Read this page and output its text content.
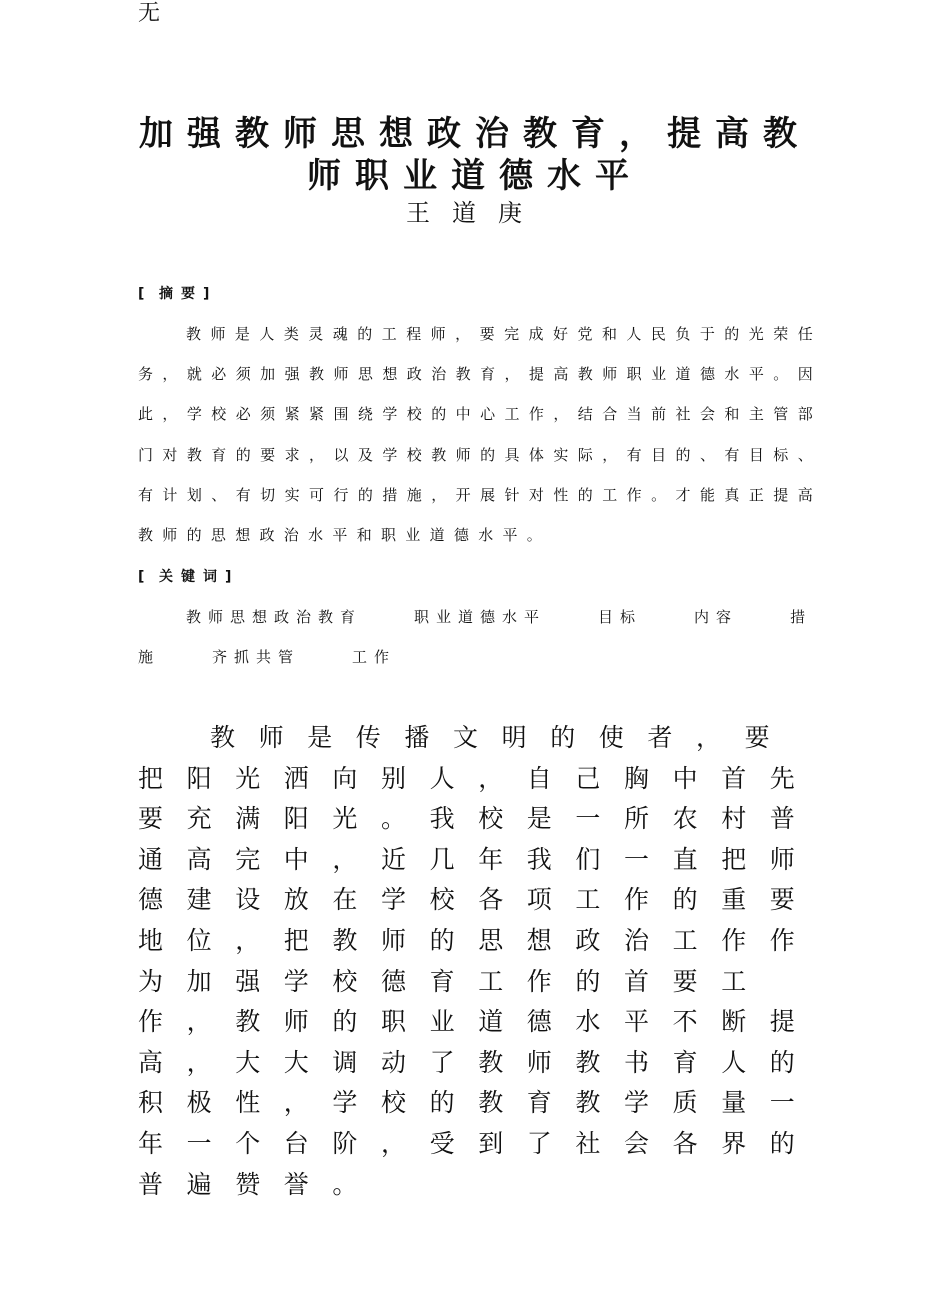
无
加强教师思想政治教育，提高教
师职业道德水平
王道庚
[ 摘要]
教师是人类灵魂的工程师，要完成好党和人民负于的光荣任务，就必须加强教师思想政治教育，提高教师职业道德水平。因此，学校必须紧紧围绕学校的中心工作，结合当前社会和主管部门对教育的要求，以及学校教师的具体实际，有目的、有目标、有计划、有切实可行的措施，开展针对性的工作。才能真正提高教师的思想政治水平和职业道德水平。
[ 关键词]
教师思想政治教育	职业道德水平	目标	内容	措施	齐抓共管	工作
教师是传播文明的使者，要把阳光洒向别人，自己胸中首先要充满阳光。我校是一所农村普通高完中，近几年我们一直把师德建设放在学校各项工作的重要地位，把教师的思想政治工作作为加强学校德育工作的首要工作，教师的职业道德水平不断提高，大大调动了教师教书育人的积极性，学校的教育教学质量一年一个台阶，受到了社会各界的普遍赞誉。
